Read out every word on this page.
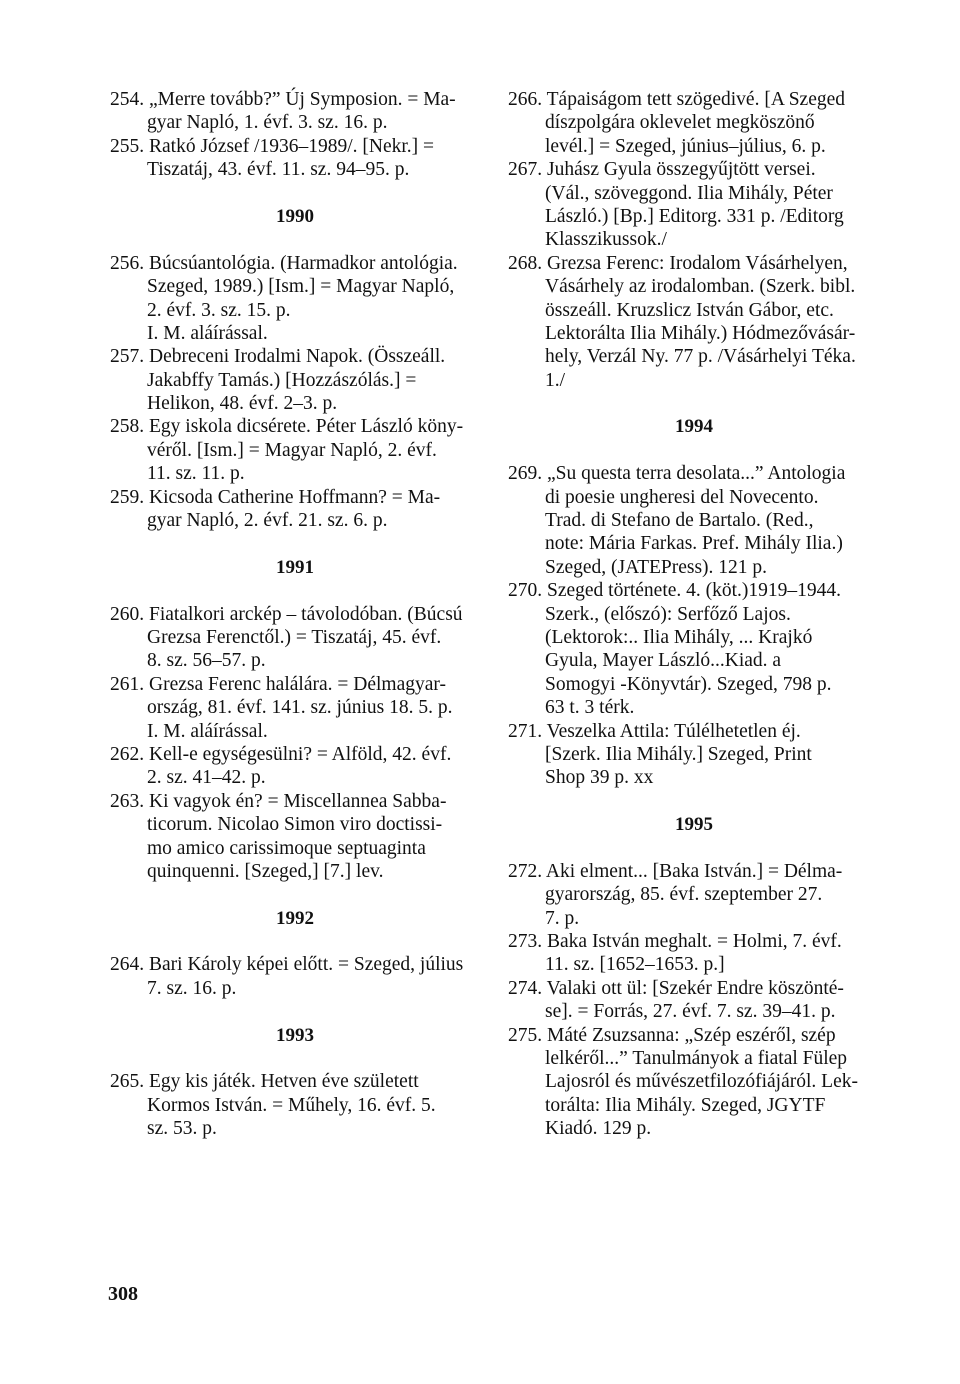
254. „Merre tovább?” Új Symposion. = Ma-
gyar Napló, 1. évf. 3. sz. 16. p.
255. Ratkó József /1936–1989/. [Nekr.] =
Tiszatáj, 43. évf. 11. sz. 94–95. p.
1990
256. Búcsúantológia. (Harmadkor antológia.
Szeged, 1989.) [Ism.] = Magyar Napló,
2. évf. 3. sz. 15. p.
I. M. aláírással.
257. Debreceni Irodalmi Napok. (Összeáll.
Jakabffy Tamás.) [Hozzászólás.] =
Helikon, 48. évf. 2–3. p.
258. Egy iskola dicsérete. Péter László köny-
véről. [Ism.] = Magyar Napló, 2. évf.
11. sz. 11. p.
259. Kicsoda Catherine Hoffmann? = Ma-
gyar Napló, 2. évf. 21. sz. 6. p.
1991
260. Fiatalkori arckép – távolodóban. (Búcsú
Grezsa Ferenctől.) = Tiszatáj, 45. évf.
8. sz. 56–57. p.
261. Grezsa Ferenc halálára. = Délmagyar-
ország, 81. évf. 141. sz. június 18. 5. p.
I. M. aláírással.
262. Kell-e egységesülni? = Alföld, 42. évf.
2. sz. 41–42. p.
263. Ki vagyok én? = Miscellannea Sabba-
ticorum. Nicolao Simon viro doctissi-
mo amico carissimoque septuaginta
quinquenni. [Szeged,] [7.] lev.
1992
264. Bari Károly képei előtt. = Szeged, július
7. sz. 16. p.
1993
265. Egy kis játék. Hetven éve született
Kormos István. = Műhely, 16. évf. 5.
sz. 53. p.
266. Tápaiságom tett szögedivé. [A Szeged
díszpolgára oklevelet megköszönő
levél.] = Szeged, június–július, 6. p.
267. Juhász Gyula összegyűjtött versei.
(Vál., szöveggond. Ilia Mihály, Péter
László.) [Bp.] Editorg. 331 p. /Editorg
Klasszikussok./
268. Grezsa Ferenc: Irodalom Vásárhelyen,
Vásárhely az irodalomban. (Szerk. bibl.
összeáll. Kruzslicz István Gábor, etc.
Lektorálta Ilia Mihály.) Hódmezővásár-
hely, Verzál Ny. 77 p. /Vásárhelyi Téka.
1./
1994
269. „Su questa terra desolata...” Antologia
di poesie ungheresi del Novecento.
Trad. di Stefano de Bartalo. (Red.,
note: Mária Farkas. Pref. Mihály Ilia.)
Szeged, (JATEPress). 121 p.
270. Szeged története. 4. (köt.)1919–1944.
Szerk., (előszó): Serfőző Lajos.
(Lektorok:.. Ilia Mihály, ... Krajkó
Gyula, Mayer László...Kiad. a
Somogyi -Könyvtár). Szeged, 798 p.
63 t. 3 térk.
271. Veszelka Attila: Túlélhetetlen éj.
[Szerk. Ilia Mihály.] Szeged, Print
Shop 39 p. xx
1995
272. Aki elment... [Baka István.] = Délma-
gyarország, 85. évf. szeptember 27.
7. p.
273. Baka István meghalt. = Holmi, 7. évf.
11. sz. [1652–1653. p.]
274. Valaki ott ül: [Szekér Endre köszönté-
se]. = Forrás, 27. évf. 7. sz. 39–41. p.
275. Máté Zsuzsanna: „Szép eszéről, szép
lelkéről...” Tanulmányok a fiatal Fülep
Lajosról és művészetfilozófiájáról. Lek-
torálta: Ilia Mihály. Szeged, JGYTF
Kiadó. 129 p.
308
